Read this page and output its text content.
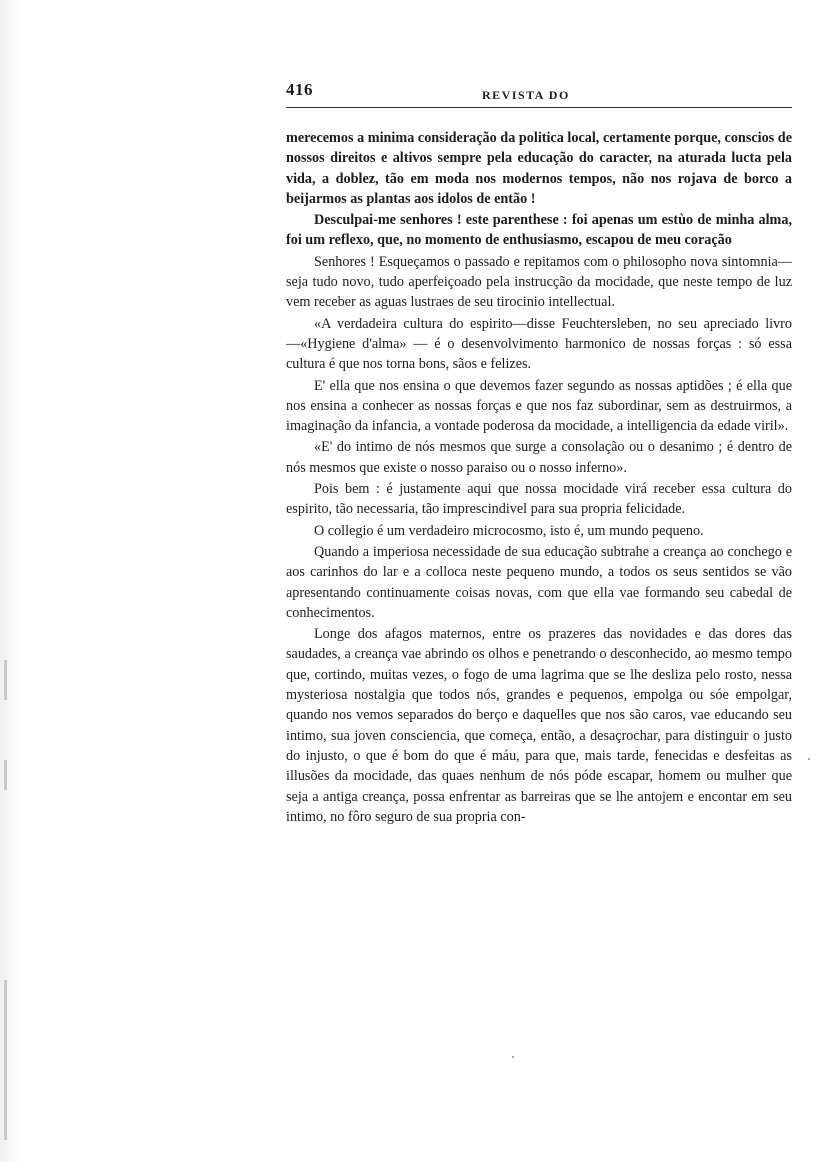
416	REVISTA DO

merecemos a minima consideração da politica local, certamente porque, conscios de nossos direitos e altivos sempre pela educação do caracter, na aturada lucta pela vida, a doblez, tão em moda nos modernos tempos, não nos rojava de borco a beijarmos as plantas aos idolos de então !

Desculpai-me senhores ! este parenthese : foi apenas um estùo de minha alma, foi um reflexo, que, no momento de enthusiasmo, escapou de meu coração

Senhores ! Esqueçamos o passado e repitamos com o philosopho nova sintomnia—seja tudo novo, tudo aperfeiçoado pela instrucção da mocidade, que neste tempo de luz vem receber as aguas lustraes de seu tirocinio intellectual.

«A verdadeira cultura do espirito—disse Feuchtersleben, no seu apreciado livro—«Hygiene d'alma» — é o desenvolvimento harmonico de nossas forças : só essa cultura é que nos torna bons, sãos e felizes.

E' ella que nos ensina o que devemos fazer segundo as nossas aptidões ; é ella que nos ensina a conhecer as nossas forças e que nos faz subordinar, sem as destruirmos, a imaginação da infancia, a vontade poderosa da mocidade, a intelligencia da edade viril».

«E' do intimo de nós mesmos que surge a consolação ou o desanimo ; é dentro de nós mesmos que existe o nosso paraiso ou o nosso inferno».

Pois bem : é justamente aqui que nossa mocidade virá receber essa cultura do espirito, tão necessaria, tão imprescindivel para sua propria felicidade.

O collegio é um verdadeiro microcosmo, isto é, um mundo pequeno.

Quando a imperiosa necessidade de sua educação subtrahe a creança ao conchego e aos carinhos do lar e a colloca neste pequeno mundo, a todos os seus sentidos se vão apresentando continuamente coisas novas, com que ella vae formando seu cabedal de conhecimentos.

Longe dos afagos maternos, entre os prazeres das novidades e das dores das saudades, a creança vae abrindo os olhos e penetrando o desconhecido, ao mesmo tempo que, cortindo, muitas vezes, o fogo de uma lagrima que se lhe desliza pelo rosto, nessa mysteriosa nostalgia que todos nós, grandes e pequenos, empolga ou sóe empolgar, quando nos vemos separados do berço e daquelles que nos são caros, vae educando seu intimo, sua joven consciencia, que começa, então, a desaçrochar, para distinguir o justo do injusto, o que é bom do que é máu, para que, mais tarde, fenecidas e desfeitas as illusões da mocidade, das quaes nenhum de nós póde escapar, homem ou mulher que seja a antiga creança, possa enfrentar as barreiras que se lhe antojem e encontar em seu intimo, no fôro seguro de sua propria con-
